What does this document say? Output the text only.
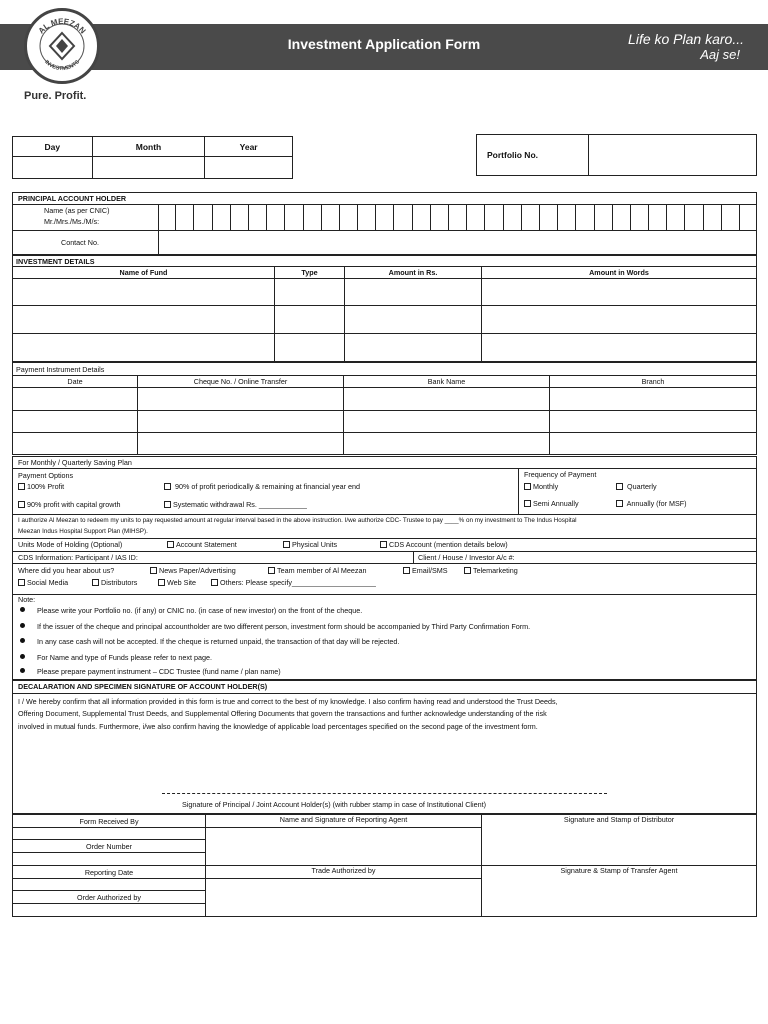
Investment Application Form	Life ko Plan karo...
Aaj se!
AL MEEZAN
INVESTMENTS
Pure. Profit.
Day	Month	Year

Portfolio No.	
PRINCIPAL ACCOUNT HOLDER
Name (as per CNIC)
Mr./Mrs./Ms./M/s:
Contact No.
INVESTMENT DETAILS			
Name of Fund	Type	Amount in Rs.	Amount in Words

Payment Instrument Details			
Date	Cheque No. / Online Transfer	Bank Name	Branch

For Monthly / Quarterly Saving Plan
Payment Options
100% Profit	90% of profit periodically & remaining at financial year end
90% profit with capital growth	Systematic withdrawal Rs. ____________
Frequency of Payment
Monthly	Quarterly
Semi Annually	Annually (for MSF)
I authorize Al Meezan to redeem my units to pay requested amount at regular interval based in the above instruction. I/we authorize CDC- Trustee to pay ____% on my investment to The Indus Hospital
Meezan Indus Hospital Support Plan (MIHSP).
Units Mode of Holding (Optional)	Account Statement	Physical Units	CDS Account (mention details below)
CDS Information: Participant / IAS ID:	Client / House / Investor A/c #:
Where did you hear about us?	News Paper/Advertising	Team member of Al Meezan	Email/SMS	Telemarketing
Social Media	Distributors	Web Site	Others: Please specify_____________________
Note:
Please write your Portfolio no. (if any) or CNIC no. (in case of new investor) on the front of the cheque.
If the issuer of the cheque and principal accountholder are two different person, investment form should be accompanied by Third Party Confirmation Form.
In any case cash will not be accepted. If the cheque is returned unpaid, the transaction of that day will be rejected.
For Name and type of Funds please refer to next page.
Please prepare payment instrument – CDC Trustee (fund name / plan name)
DECALARATION AND SPECIMEN SIGNATURE OF ACCOUNT HOLDER(S)
I / We hereby confirm that all information provided in this form is true and correct to the best of my knowledge. I also confirm having read and understood the Trust Deeds,
Offering Document, Supplemental Trust Deeds, and Supplemental Offering Documents that govern the transactions and further acknowledge understanding of the risk
involved in mutual funds. Furthermore, i/we also confirm having the knowledge of applicable load percentages specified on the second page of the investment form.
Signature of Principal / Joint Account Holder(s) (with rubber stamp in case of Institutional Client)
Form Received By	Name and Signature of Reporting Agent	Signature and Stamp of Distributor

Order Number		

Reporting Date	Trade Authorized by	Signature & Stamp of Transfer Agent

Order Authorized by		
